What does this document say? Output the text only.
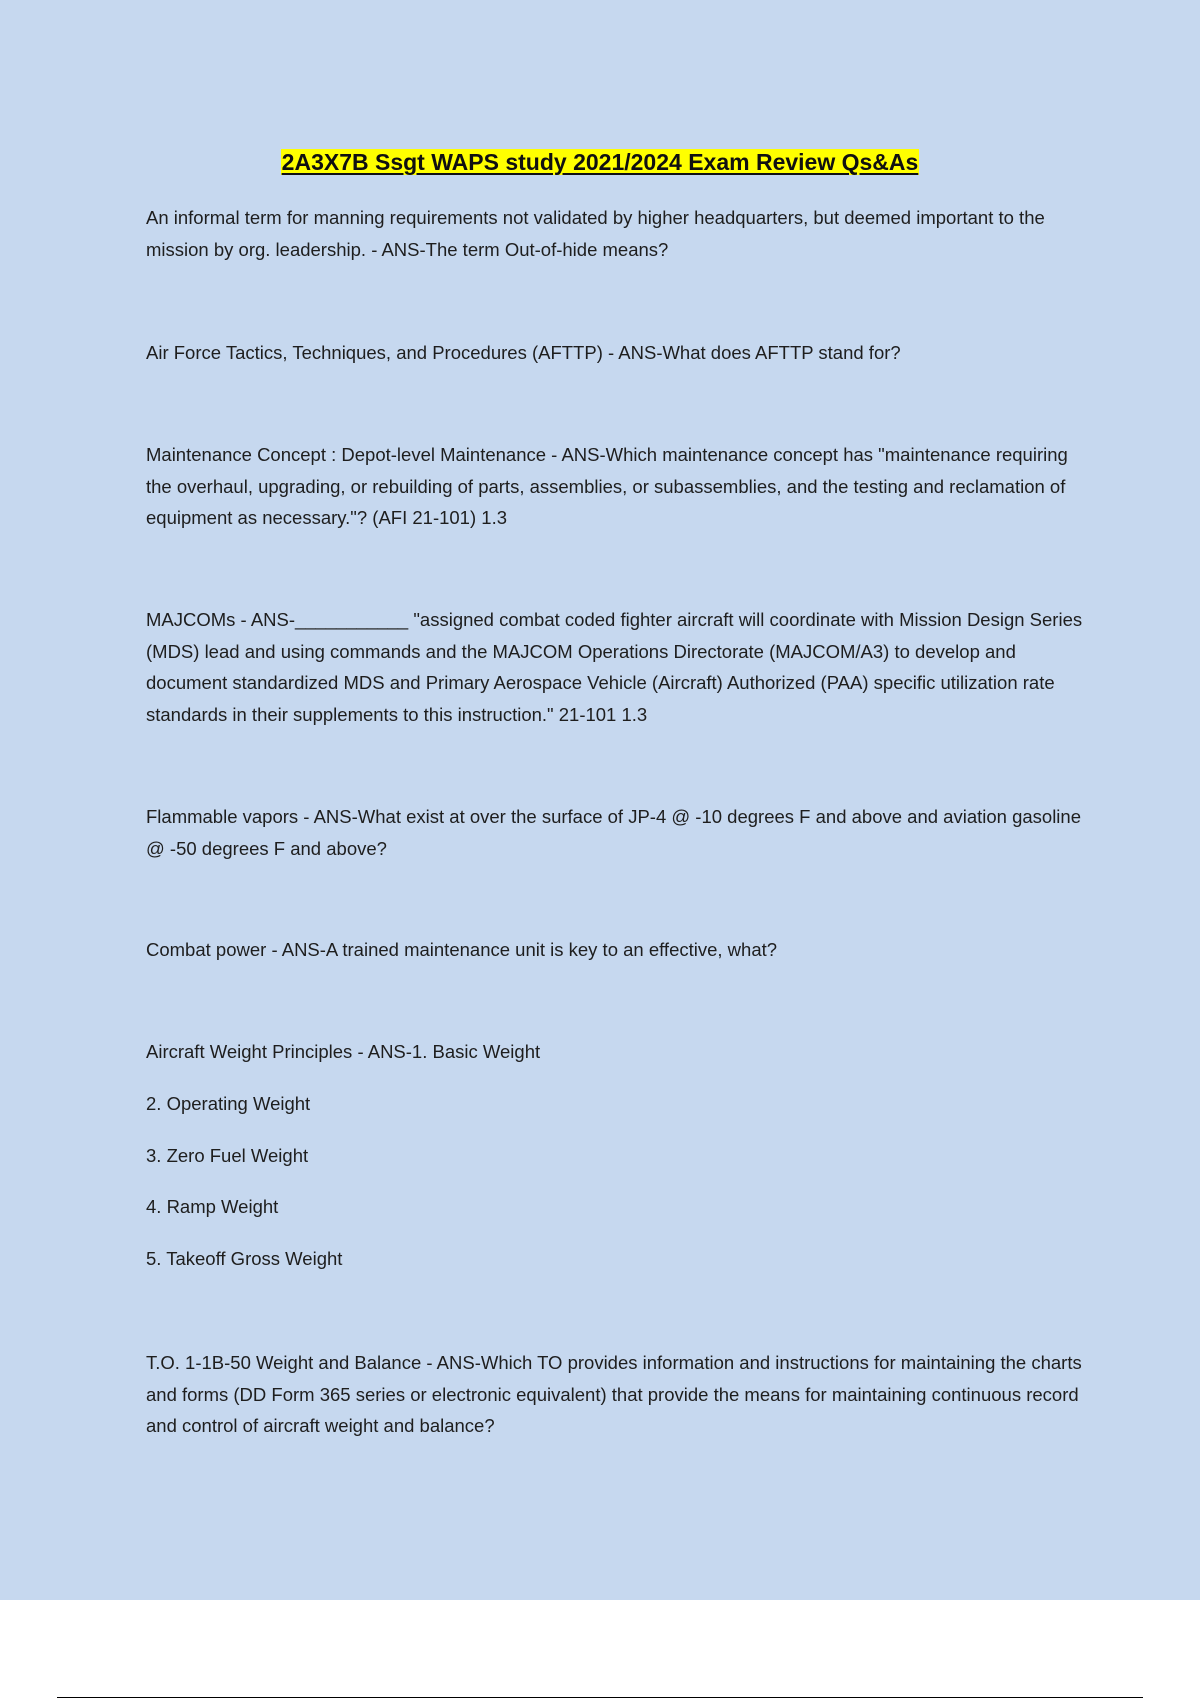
2A3X7B Ssgt WAPS study 2021/2024 Exam Review Qs&As

An informal term for manning requirements not validated by higher headquarters, but deemed important to the mission by org. leadership. - ANS-The term Out-of-hide means?

Air Force Tactics, Techniques, and Procedures (AFTTP) - ANS-What does AFTTP stand for?

Maintenance Concept : Depot-level Maintenance - ANS-Which maintenance concept has "maintenance requiring the overhaul, upgrading, or rebuilding of parts, assemblies, or subassemblies, and the testing and reclamation of equipment as necessary."? (AFI 21-101) 1.3

MAJCOMs - ANS-___________ "assigned combat coded fighter aircraft will coordinate with Mission Design Series (MDS) lead and using commands and the MAJCOM Operations Directorate (MAJCOM/A3) to develop and document standardized MDS and Primary Aerospace Vehicle (Aircraft) Authorized (PAA) specific utilization rate standards in their supplements to this instruction." 21-101 1.3

Flammable vapors - ANS-What exist at over the surface of JP-4 @ -10 degrees F and above and aviation gasoline @ -50 degrees F and above?

Combat power - ANS-A trained maintenance unit is key to an effective, what?

Aircraft Weight Principles - ANS-1. Basic Weight

2. Operating Weight

3. Zero Fuel Weight

4. Ramp Weight

5. Takeoff Gross Weight

T.O. 1-1B-50 Weight and Balance - ANS-Which TO provides information and instructions for maintaining the charts and forms (DD Form 365 series or electronic equivalent) that provide the means for maintaining continuous record and control of aircraft weight and balance?
